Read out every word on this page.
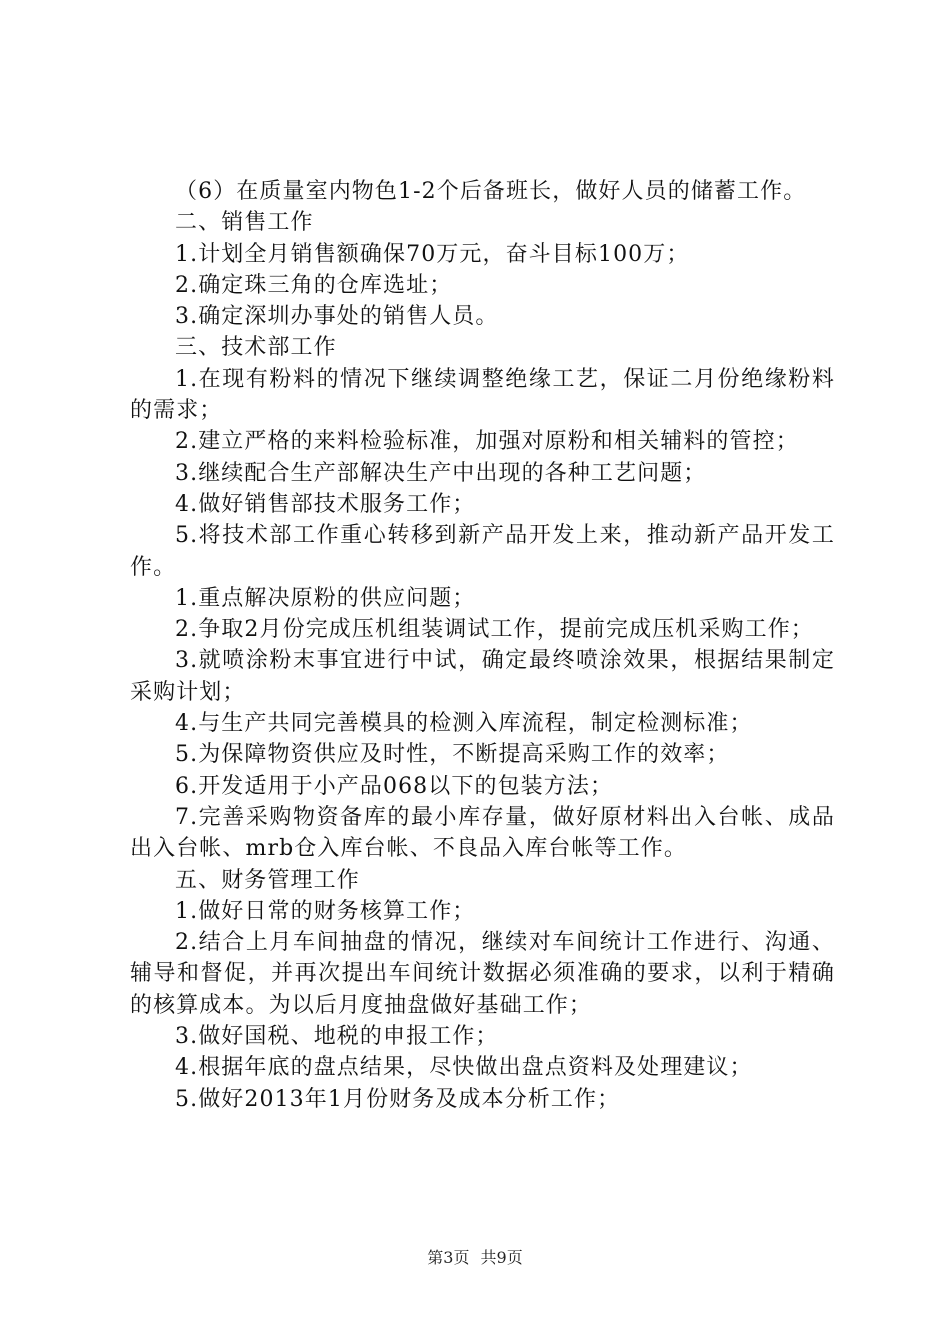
（6）在质量室内物色1-2个后备班长，做好人员的储蓄工作。

二、销售工作

1.计划全月销售额确保70万元，奋斗目标100万；

2.确定珠三角的仓库选址；

3.确定深圳办事处的销售人员。

三、技术部工作

1.在现有粉料的情况下继续调整绝缘工艺，保证二月份绝缘粉料的需求；

2.建立严格的来料检验标准，加强对原粉和相关辅料的管控；

3.继续配合生产部解决生产中出现的各种工艺问题；

4.做好销售部技术服务工作；

5.将技术部工作重心转移到新产品开发上来，推动新产品开发工作。

1.重点解决原粉的供应问题；

2.争取2月份完成压机组装调试工作，提前完成压机采购工作；

3.就喷涂粉末事宜进行中试，确定最终喷涂效果，根据结果制定采购计划；

4.与生产共同完善模具的检测入库流程，制定检测标准；

5.为保障物资供应及时性，不断提高采购工作的效率；

6.开发适用于小产品068以下的包装方法；

7.完善采购物资备库的最小库存量，做好原材料出入台帐、成品出入台帐、mrb仓入库台帐、不良品入库台帐等工作。

五、财务管理工作

1.做好日常的财务核算工作；

2.结合上月车间抽盘的情况，继续对车间统计工作进行、沟通、辅导和督促，并再次提出车间统计数据必须准确的要求，以利于精确的核算成本。为以后月度抽盘做好基础工作；

3.做好国税、地税的申报工作；

4.根据年底的盘点结果，尽快做出盘点资料及处理建议；

5.做好2013年1月份财务及成本分析工作；

第3页 共9页
